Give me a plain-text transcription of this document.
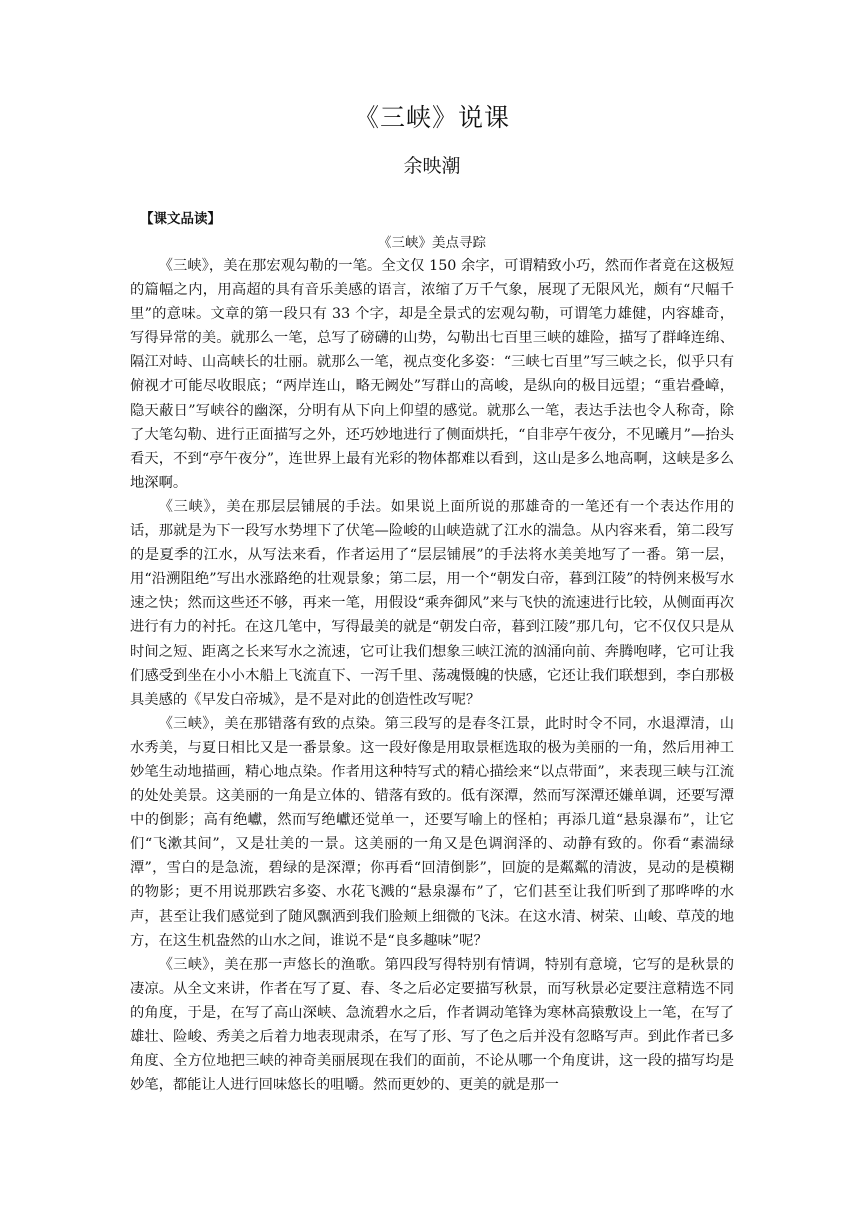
《三峡》说课
余映潮
【课文品读】
《三峡》美点寻踪

《三峡》，美在那宏观勾勒的一笔。全文仅 150 余字，可谓精致小巧，然而作者竟在这极短的篇幅之内，用高超的具有音乐美感的语言，浓缩了万千气象，展现了无限风光，颇有“尺幅千里”的意味。文章的第一段只有 33 个字，却是全景式的宏观勾勒，可谓笔力雄健，内容雄奇，写得异常的美。就那么一笔，总写了磅礴的山势，勾勒出七百里三峡的雄险，描写了群峰连绵、隔江对峙、山高峡长的壮丽。就那么一笔，视点变化多姿：“三峡七百里”写三峡之长，似乎只有俯视才可能尽收眼底；“两岸连山，略无阙处”写群山的高峻，是纵向的极目远望；“重岩叠嶂，隐天蔽日”写峡谷的幽深，分明有从下向上仰望的感觉。就那么一笔，表达手法也令人称奇，除了大笔勾勒、进行正面描写之外，还巧妙地进行了侧面烘托，“自非亭午夜分，不见曦月”—抬头看天，不到“亭午夜分”，连世界上最有光彩的物体都难以看到，这山是多么地高啊，这峡是多么地深啊。

《三峡》，美在那层层铺展的手法。如果说上面所说的那雄奇的一笔还有一个表达作用的话，那就是为下一段写水势埋下了伏笔—险峻的山峡造就了江水的湍急。从内容来看，第二段写的是夏季的江水，从写法来看，作者运用了“层层铺展”的手法将水美美地写了一番。第一层，用“沿溯阻绝”写出水涨路绝的壮观景象；第二层，用一个“朝发白帝，暮到江陵”的特例来极写水速之快；然而这些还不够，再来一笔，用假设“乘奔御风”来与飞快的流速进行比较，从侧面再次进行有力的衬托。在这几笔中，写得最美的就是“朝发白帝，暮到江陵”那几句，它不仅仅只是从时间之短、距离之长来写水之流速，它可让我们想象三峡江流的汹涌向前、奔腾咆哮，它可让我们感受到坐在小小木船上飞流直下、一泻千里、荡魂慑魄的快感，它还让我们联想到，李白那极具美感的《早发白帝城》，是不是对此的创造性改写呢？

《三峡》，美在那错落有致的点染。第三段写的是春冬江景，此时时令不同，水退潭清，山水秀美，与夏日相比又是一番景象。这一段好像是用取景框选取的极为美丽的一角，然后用神工妙笔生动地描画，精心地点染。作者用这种特写式的精心描绘来“以点带面”，来表现三峡与江流的处处美景。这美丽的一角是立体的、错落有致的。低有深潭，然而写深潭还嫌单调，还要写潭中的倒影；高有绝巘，然而写绝巘还觉单一，还要写喻上的怪柏；再添几道“悬泉瀑布”，让它们“飞漱其间”，又是壮美的一景。这美丽的一角又是色调润泽的、动静有致的。你看“素湍绿潭”，雪白的是急流，碧绿的是深潭；你再看“回清倒影”，回旋的是粼粼的清波，晃动的是模糊的物影；更不用说那跌宕多姿、水花飞溅的“悬泉瀑布”了，它们甚至让我们听到了那哗哗的水声，甚至让我们感觉到了随风飘洒到我们脸颊上细微的飞沫。在这水清、树荣、山峻、草茂的地方，在这生机盎然的山水之间，谁说不是“良多趣味”呢？

《三峡》，美在那一声悠长的渔歌。第四段写得特别有情调，特别有意境，它写的是秋景的凄凉。从全文来讲，作者在写了夏、春、冬之后必定要描写秋景，而写秋景必定要注意精选不同的角度，于是，在写了高山深峡、急流碧水之后，作者调动笔锋为寒林高猿敷设上一笔，在写了雄壮、险峻、秀美之后着力地表现肃杀，在写了形、写了色之后并没有忽略写声。到此作者已多角度、全方位地把三峡的神奇美丽展现在我们的面前，不论从哪一个角度讲，这一段的描写均是妙笔，都能让人进行回味悠长的咀嚼。然而更妙的、更美的就是那一
